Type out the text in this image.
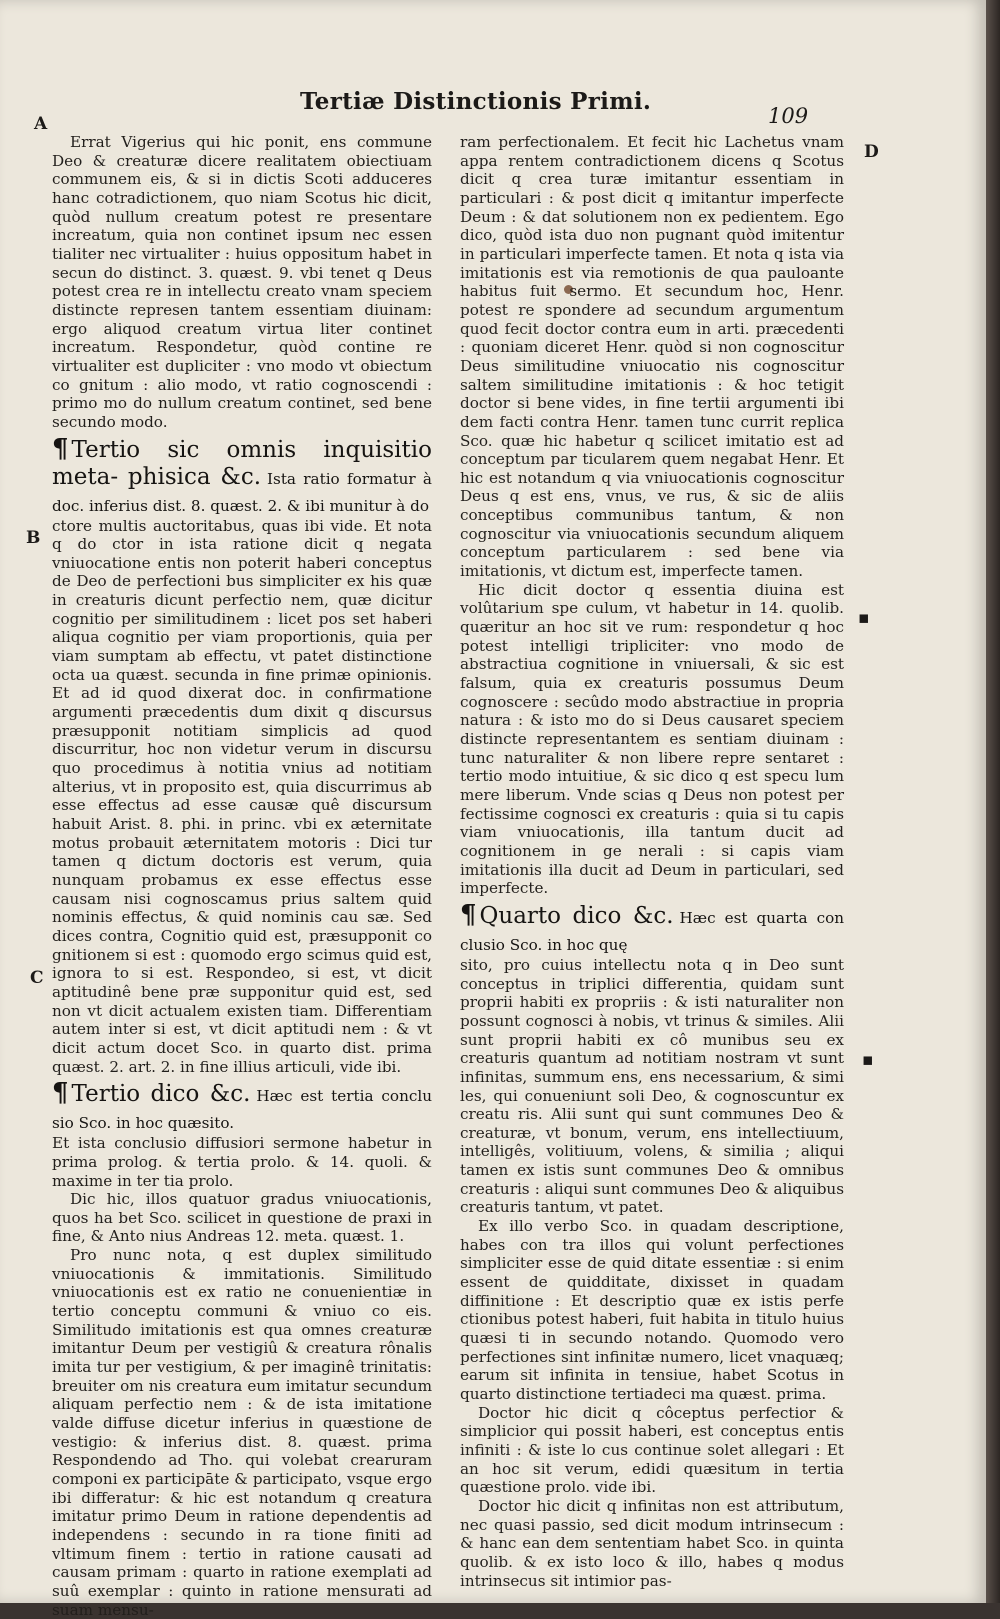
Tertiæ Distinctionis Primi.
109
A
B
C
D
▪
▪

Errat Vigerius qui hic ponit, ens commune Deo & creaturæ dicere realitatem obiectiuam communem eis, & si in dictis Scoti adduceres hanc cotradictionem, quo niam Scotus hic dicit, quòd nullum creatum potest re presentare increatum, quia non continet ipsum nec essen tialiter nec virtualiter : huius oppositum habet in secun do distinct. 3. quæst. 9. vbi tenet q Deus potest crea re in intellectu creato vnam speciem distincte represen tantem essentiam diuinam: ergo aliquod creatum virtua liter continet increatum. Respondetur, quòd contine re virtualiter est dupliciter : vno modo vt obiectum co gnitum : alio modo, vt ratio cognoscendi : primo mo do nullum creatum continet, sed bene secundo modo.

¶ Tertio sic omnis inquisitio meta- phisica &c. Ista ratio formatur à doc. inferius dist. 8. quæst. 2. & ibi munitur à do

ctore multis auctoritabus, quas ibi vide. Et nota q do ctor in ista ratione dicit q negata vniuocatione entis non poterit haberi conceptus de Deo de perfectioni bus simpliciter ex his quæ in creaturis dicunt perfectio nem, quæ dicitur cognitio per similitudinem : licet pos set haberi aliqua cognitio per viam proportionis, quia per viam sumptam ab effectu, vt patet distinctione octa ua quæst. secunda in fine primæ opinionis. Et ad id quod dixerat doc. in confirmatione argumenti præcedentis dum dixit q discursus præsupponit notitiam simplicis ad quod discurritur, hoc non videtur verum in discursu quo procedimus à notitia vnius ad notitiam alterius, vt in proposito est, quia discurrimus ab esse effectus ad esse causæ quê discursum habuit Arist. 8. phi. in princ. vbi ex æternitate motus probauit æternitatem motoris : Dici tur tamen q dictum doctoris est verum, quia nunquam probamus ex esse effectus esse causam nisi cognoscamus prius saltem quid nominis effectus, & quid nominis cau sæ. Sed dices contra, Cognitio quid est, præsupponit co gnitionem si est : quomodo ergo scimus quid est, ignora to si est. Respondeo, si est, vt dicit aptitudinê bene præ supponitur quid est, sed non vt dicit actualem existen tiam. Differentiam autem inter si est, vt dicit aptitudi nem : & vt dicit actum docet Sco. in quarto dist. prima quæst. 2. art. 2. in fine illius articuli, vide ibi.

¶ Tertio dico &c. Hæc est tertia conclu sio Sco. in hoc quæsito.

Et ista conclusio diffusiori sermone habetur in prima prolog. & tertia prolo. & 14. quoli. & maxime in ter tia prolo.

Dic hic, illos quatuor gradus vniuocationis, quos ha bet Sco. scilicet in questione de praxi in fine, & Anto nius Andreas 12. meta. quæst. 1.

Pro nunc nota, q est duplex similitudo vniuocationis & immitationis. Similitudo vniuocationis est ex ratio ne conuenientiæ in tertio conceptu communi & vniuo co eis. Similitudo imitationis est qua omnes creaturæ imitantur Deum per vestigiû & creatura rônalis imita tur per vestigium, & per imaginê trinitatis: breuiter om nis creatura eum imitatur secundum aliquam perfectio nem : & de ista imitatione valde diffuse dicetur inferius in quæstione de vestigio: & inferius dist. 8. quæst. prima Respondendo ad Tho. qui volebat crearuram componi ex participāte & participato, vsque ergo ibi differatur: & hic est notandum q creatura imitatur primo Deum in ratione dependentis ad independens : secundo in ra tione finiti ad vltimum finem : tertio in ratione causati ad causam primam : quarto in ratione exemplati ad suû exemplar : quinto in ratione mensurati ad suam mensu-

ram perfectionalem. Et fecit hic Lachetus vnam appa rentem contradictionem dicens q Scotus dicit q crea turæ imitantur essentiam in particulari : & post dicit q imitantur imperfecte Deum : & dat solutionem non ex pedientem. Ego dico, quòd ista duo non pugnant quòd imitentur in particulari imperfecte tamen. Et nota q ista via imitationis est via remotionis de qua pauloante habitus fuit sermo. Et secundum hoc, Henr. potest re spondere ad secundum argumentum quod fecit doctor contra eum in arti. præcedenti : quoniam diceret Henr. quòd si non cognoscitur Deus similitudine vniuocatio nis cognoscitur saltem similitudine imitationis : & hoc tetigit doctor si bene vides, in fine tertii argumenti ibi dem facti contra Henr. tamen tunc currit replica Sco. quæ hic habetur q scilicet imitatio est ad conceptum par ticularem quem negabat Henr. Et hic est notandum q via vniuocationis cognoscitur Deus q est ens, vnus, ve rus, & sic de aliis conceptibus communibus tantum, & non cognoscitur via vniuocationis secundum aliquem conceptum particularem : sed bene via imitationis, vt dictum est, imperfecte tamen.

Hic dicit doctor q essentia diuina est volûtarium spe culum, vt habetur in 14. quolib. quæritur an hoc sit ve rum: respondetur q hoc potest intelligi tripliciter: vno modo de abstractiua cognitione in vniuersali, & sic est falsum, quia ex creaturis possumus Deum cognoscere : secûdo modo abstractiue in propria natura : & isto mo do si Deus causaret speciem distincte representantem es sentiam diuinam : tunc naturaliter & non libere repre sentaret : tertio modo intuitiue, & sic dico q est specu lum mere liberum. Vnde scias q Deus non potest per fectissime cognosci ex creaturis : quia si tu capis viam vniuocationis, illa tantum ducit ad cognitionem in ge nerali : si capis viam imitationis illa ducit ad Deum in particulari, sed imperfecte.

¶ Quarto dico &c. Hæc est quarta con clusio Sco. in hoc quę

sito, pro cuius intellectu nota q in Deo sunt conceptus in triplici differentia, quidam sunt proprii habiti ex propriis : & isti naturaliter non possunt cognosci à nobis, vt trinus & similes. Alii sunt proprii habiti ex cô munibus seu ex creaturis quantum ad notitiam nostram vt sunt infinitas, summum ens, ens necessarium, & simi les, qui conueniunt soli Deo, & cognoscuntur ex creatu ris. Alii sunt qui sunt communes Deo & creaturæ, vt bonum, verum, ens intellectiuum, intelligês, volitiuum, volens, & similia ; aliqui tamen ex istis sunt communes Deo & omnibus creaturis : aliqui sunt communes Deo & aliquibus creaturis tantum, vt patet.

Ex illo verbo Sco. in quadam descriptione, habes con tra illos qui volunt perfectiones simpliciter esse de quid ditate essentiæ : si enim essent de quidditate, dixisset in quadam diffinitione : Et descriptio quæ ex istis perfe ctionibus potest haberi, fuit habita in titulo huius quæsi ti in secundo notando. Quomodo vero perfectiones sint infinitæ numero, licet vnaquæq; earum sit infinita in tensiue, habet Scotus in quarto distinctione tertiadeci ma quæst. prima.

Doctor hic dicit q côceptus perfectior & simplicior qui possit haberi, est conceptus entis infiniti : & iste lo cus continue solet allegari : Et an hoc sit verum, edidi quæsitum in tertia quæstione prolo. vide ibi.

Doctor hic dicit q infinitas non est attributum, nec quasi passio, sed dicit modum intrinsecum : & hanc ean dem sententiam habet Sco. in quinta quolib. & ex isto loco & illo, habes q modus intrinsecus sit intimior pas-
